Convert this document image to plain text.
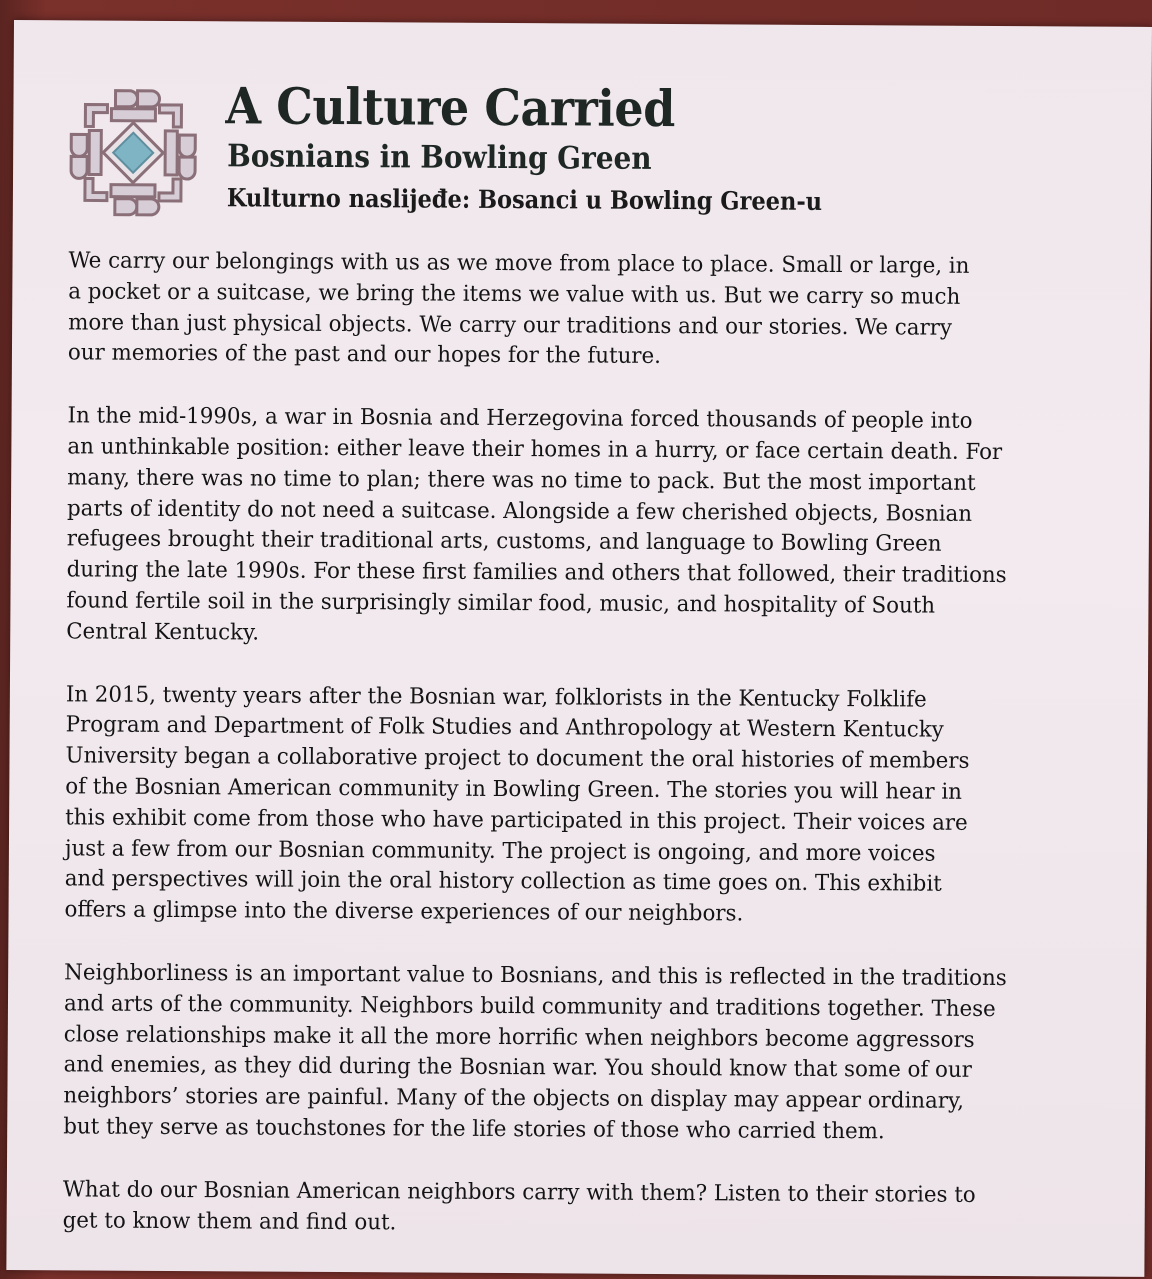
A Culture Carried
Bosnians in Bowling Green
Kulturno naslijeđe: Bosanci u Bowling Green-u

We carry our belongings with us as we move from place to place. Small or large, in
a pocket or a suitcase, we bring the items we value with us. But we carry so much
more than just physical objects. We carry our traditions and our stories. We carry
our memories of the past and our hopes for the future.

In the mid-1990s, a war in Bosnia and Herzegovina forced thousands of people into
an unthinkable position: either leave their homes in a hurry, or face certain death. For
many, there was no time to plan; there was no time to pack. But the most important
parts of identity do not need a suitcase. Alongside a few cherished objects, Bosnian
refugees brought their traditional arts, customs, and language to Bowling Green
during the late 1990s. For these first families and others that followed, their traditions
found fertile soil in the surprisingly similar food, music, and hospitality of South
Central Kentucky.

In 2015, twenty years after the Bosnian war, folklorists in the Kentucky Folklife
Program and Department of Folk Studies and Anthropology at Western Kentucky
University began a collaborative project to document the oral histories of members
of the Bosnian American community in Bowling Green. The stories you will hear in
this exhibit come from those who have participated in this project. Their voices are
just a few from our Bosnian community. The project is ongoing, and more voices
and perspectives will join the oral history collection as time goes on. This exhibit
offers a glimpse into the diverse experiences of our neighbors.

Neighborliness is an important value to Bosnians, and this is reflected in the traditions
and arts of the community. Neighbors build community and traditions together. These
close relationships make it all the more horrific when neighbors become aggressors
and enemies, as they did during the Bosnian war. You should know that some of our
neighbors’ stories are painful. Many of the objects on display may appear ordinary,
but they serve as touchstones for the life stories of those who carried them.

What do our Bosnian American neighbors carry with them? Listen to their stories to
get to know them and find out.
